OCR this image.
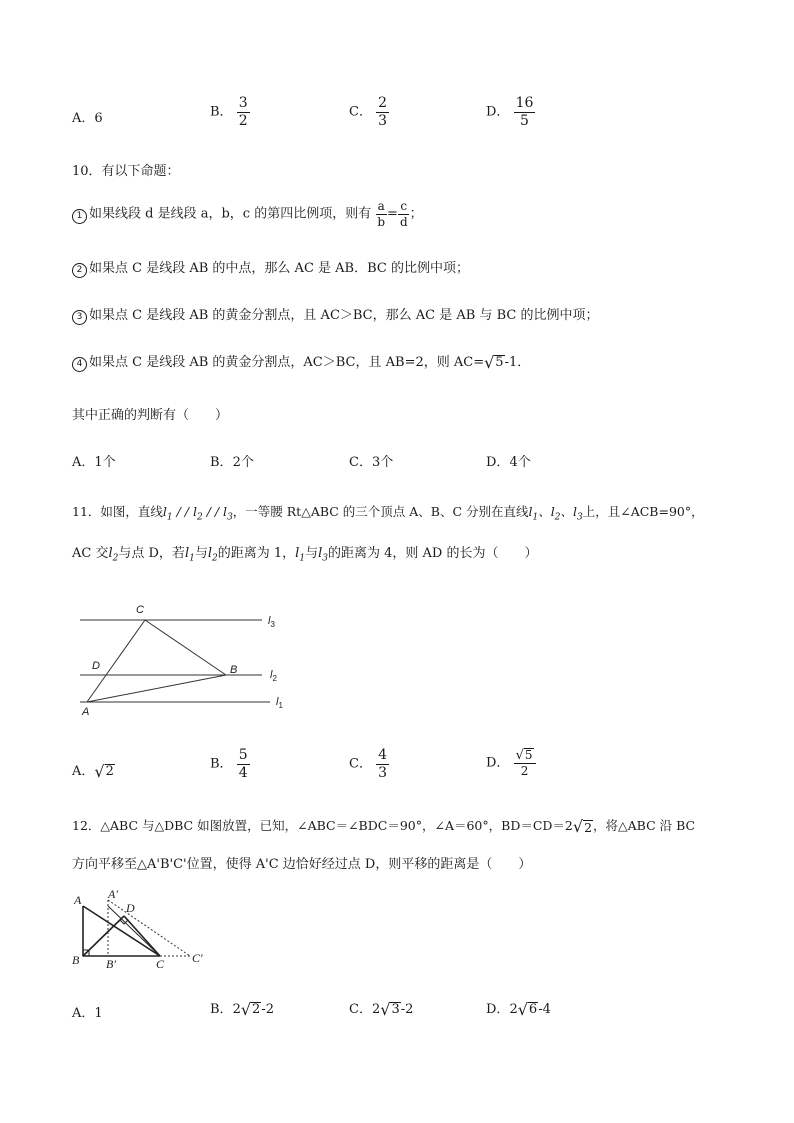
A．6	B． $\frac{3}{2}$	C． $\frac{2}{3}$	D． $\frac{16}{5}$
10．有以下命题：
1 如果线段 d 是线段 a，b，c 的第四比例项，则有 $\frac{a}{b} = \frac{c}{d}$ ；
2 如果点 C 是线段 AB 的中点，那么 AC 是 AB．BC 的比例中项；
3 如果点 C 是线段 AB 的黄金分割点，且 AC＞BC，那么 AC 是 AB 与 BC 的比例中项；
4 如果点 C 是线段 AB 的黄金分割点，AC＞BC，且 AB=2，则 AC= √ 5 -1．
其中正确的判断有（　　）
A．1个	B．2个	C．3个	D．4个
11．如图，直线$l_1$ / / $l_2$ / / $l_3$，一等腰 Rt△ABC 的三个顶点 A、B、C 分别在直线$l_1$、$l_2$、$l_3$上，且∠ACB=90°，
AC 交$l_2$与点 D，若$l_1$与$l_2$的距离为 1，$l_1$与$l_3$的距离为 4，则 AD 的长为（　　）
C
D	B
A
$l_3$
$l_2$
$l_1$
A． √ 2
B． $\frac{5}{4}$	C． $\frac{4}{3}$	D． $\frac{√ 5}{2}$
12．△ABC 与△DBC 如图放置，已知，∠ABC＝∠BDC＝90°，∠A＝60°，BD＝CD＝2 √ 2 ，将△ABC 沿 BC
方向平移至△A'B'C'位置，使得 A'C 边恰好经过点 D，则平移的距离是（　　）
A A′
D
B B′	C C′
A．1	B．2 √ 2 -2	C．2 √ 3 -2	D．2 √ 6 -4
